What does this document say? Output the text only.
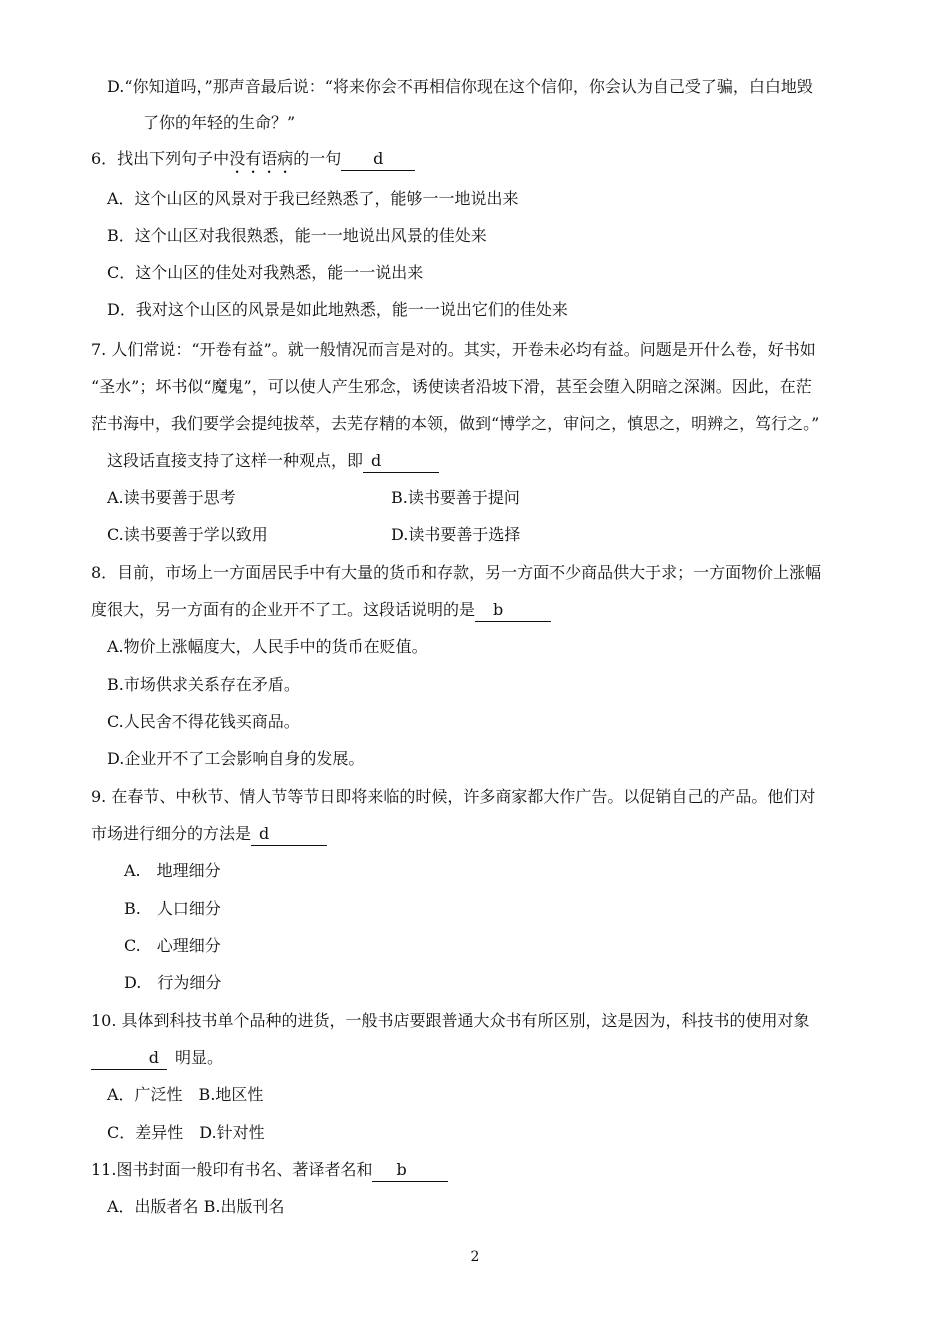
D.“你知道吗，”那声音最后说：“将来你会不再相信你现在这个信仰，你会认为自己受了骗，白白地毁
了你的年轻的生命？”
6．找出下列句子中没有语病的一句 d
A．这个山区的风景对于我已经熟悉了，能够一一地说出来
B．这个山区对我很熟悉，能一一地说出风景的佳处来
C．这个山区的佳处对我熟悉，能一一说出来
D．我对这个山区的风景是如此地熟悉，能一一说出它们的佳处来
7. 人们常说：“开卷有益”。就一般情况而言是对的。其实，开卷未必均有益。问题是开什么卷，好书如
“圣水”；坏书似“魔鬼”，可以使人产生邪念，诱使读者沿坡下滑，甚至会堕入阴暗之深渊。因此，在茫
茫书海中，我们要学会提纯拔萃，去芜存精的本领，做到“博学之，审问之，慎思之，明辨之，笃行之。”
这段话直接支持了这样一种观点，即 d
A.读书要善于思考	B.读书要善于提问
C.读书要善于学以致用	D.读书要善于选择
8．目前，市场上一方面居民手中有大量的货币和存款，另一方面不少商品供大于求；一方面物价上涨幅
度很大，另一方面有的企业开不了工。这段话说明的是 b
A.物价上涨幅度大，人民手中的货币在贬值。
B.市场供求关系存在矛盾。
C.人民舍不得花钱买商品。
D.企业开不了工会影响自身的发展。
9. 在春节、中秋节、情人节等节日即将来临的时候，许多商家都大作广告。以促销自己的产品。他们对
市场进行细分的方法是 d
A.　地理细分
B.　人口细分
C.　心理细分
D.　行为细分
10. 具体到科技书单个品种的进货，一般书店要跟普通大众书有所区别，这是因为，科技书的使用对象
d 明显。
A．广泛性　B.地区性
C．差异性　D.针对性
11.图书封面一般印有书名、著译者名和 b
A．出版者名 B.出版刊名
2
